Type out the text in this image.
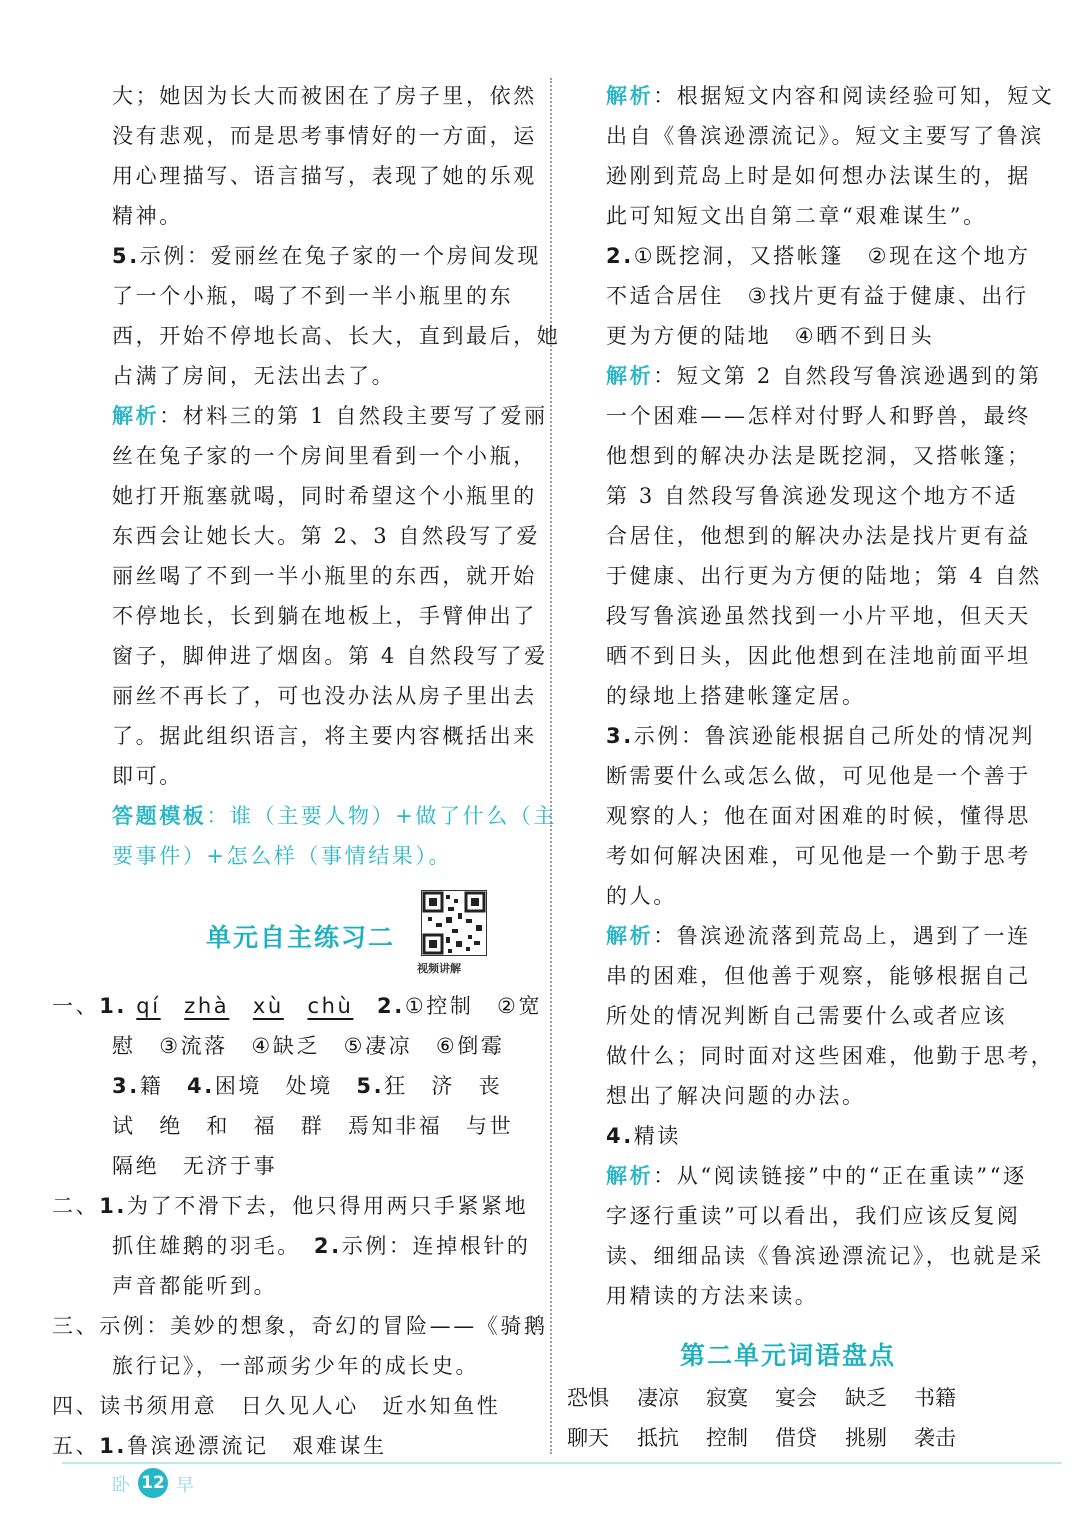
大；她因为长大而被困在了房子里，依然
没有悲观，而是思考事情好的一方面，运
用心理描写、语言描写，表现了她的乐观
精神。
5.示例：爱丽丝在兔子家的一个房间发现
了一个小瓶，喝了不到一半小瓶里的东
西，开始不停地长高、长大，直到最后，她
占满了房间，无法出去了。
解析：材料三的第 1 自然段主要写了爱丽
丝在兔子家的一个房间里看到一个小瓶，
她打开瓶塞就喝，同时希望这个小瓶里的
东西会让她长大。第 2、3 自然段写了爱
丽丝喝了不到一半小瓶里的东西，就开始
不停地长，长到躺在地板上，手臂伸出了
窗子，脚伸进了烟囱。第 4 自然段写了爱
丽丝不再长了，可也没办法从房子里出去
了。据此组织语言，将主要内容概括出来
即可。
答题模板：谁（主要人物）+做了什么（主
要事件）+怎么样（事情结果）。
一、1. qí　 zhà　 xù　 chù　 2.①控制　②宽
慰　③流落　④缺乏　⑤凄凉　⑥倒霉
3.籍　 4.困境　处境　 5.狂　济　丧
试　绝　和　福　群　焉知非福　与世
隔绝　无济于事
二、1.为了不滑下去，他只得用两只手紧紧地
抓住雄鹅的羽毛。　 2.示例：连掉根针的
声音都能听到。
三、示例：美妙的想象，奇幻的冒险——《骑鹅
旅行记》，一部顽劣少年的成长史。
四、读书须用意　日久见人心　近水知鱼性
五、1.鲁滨逊漂流记　艰难谋生
单元自主练习二
视频讲解
解析：根据短文内容和阅读经验可知，短文
出自《鲁滨逊漂流记》。短文主要写了鲁滨
逊刚到荒岛上时是如何想办法谋生的，据
此可知短文出自第二章“艰难谋生”。
2.①既挖洞，又搭帐篷　②现在这个地方
不适合居住　③找片更有益于健康、出行
更为方便的陆地　④晒不到日头
解析：短文第 2 自然段写鲁滨逊遇到的第
一个困难——怎样对付野人和野兽，最终
他想到的解决办法是既挖洞，又搭帐篷；
第 3 自然段写鲁滨逊发现这个地方不适
合居住，他想到的解决办法是找片更有益
于健康、出行更为方便的陆地；第 4 自然
段写鲁滨逊虽然找到一小片平地，但天天
晒不到日头，因此他想到在洼地前面平坦
的绿地上搭建帐篷定居。
3.示例：鲁滨逊能根据自己所处的情况判
断需要什么或怎么做，可见他是一个善于
观察的人；他在面对困难的时候，懂得思
考如何解决困难，可见他是一个勤于思考
的人。
解析：鲁滨逊流落到荒岛上，遇到了一连
串的困难，但他善于观察，能够根据自己
所处的情况判断自己需要什么或者应该
做什么；同时面对这些困难，他勤于思考，
想出了解决问题的办法。
4.精读
解析：从“阅读链接”中的“正在重读”“逐
字逐行重读”可以看出，我们应该反复阅
读、细细品读《鲁滨逊漂流记》，也就是采
用精读的方法来读。
第二单元词语盘点
恐惧 凄凉 寂寞 宴会 缺乏 书籍
聊天 抵抗 控制 借贷 挑剔 袭击
卧 12 早
